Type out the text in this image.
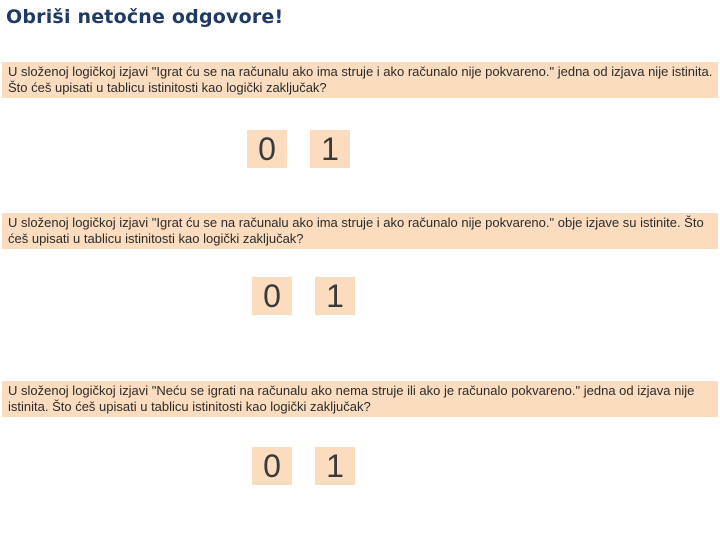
Obriši netočne odgovore!
U složenoj logičkoj izjavi "Igrat ću se na računalu ako ima struje i ako računalo nije pokvareno." jedna od izjava nije istinita.
Što ćeš upisati u tablicu istinitosti kao logički zaključak?
0	1
U složenoj logičkoj izjavi "Igrat ću se na računalu ako ima struje i ako računalo nije pokvareno." obje izjave su istinite. Što
ćeš upisati u tablicu istinitosti kao logički zaključak?
0	1
U složenoj logičkoj izjavi "Neću se igrati na računalu ako nema struje ili ako je računalo pokvareno." jedna od izjava nije
istinita. Što ćeš upisati u tablicu istinitosti kao logički zaključak?
0	1
